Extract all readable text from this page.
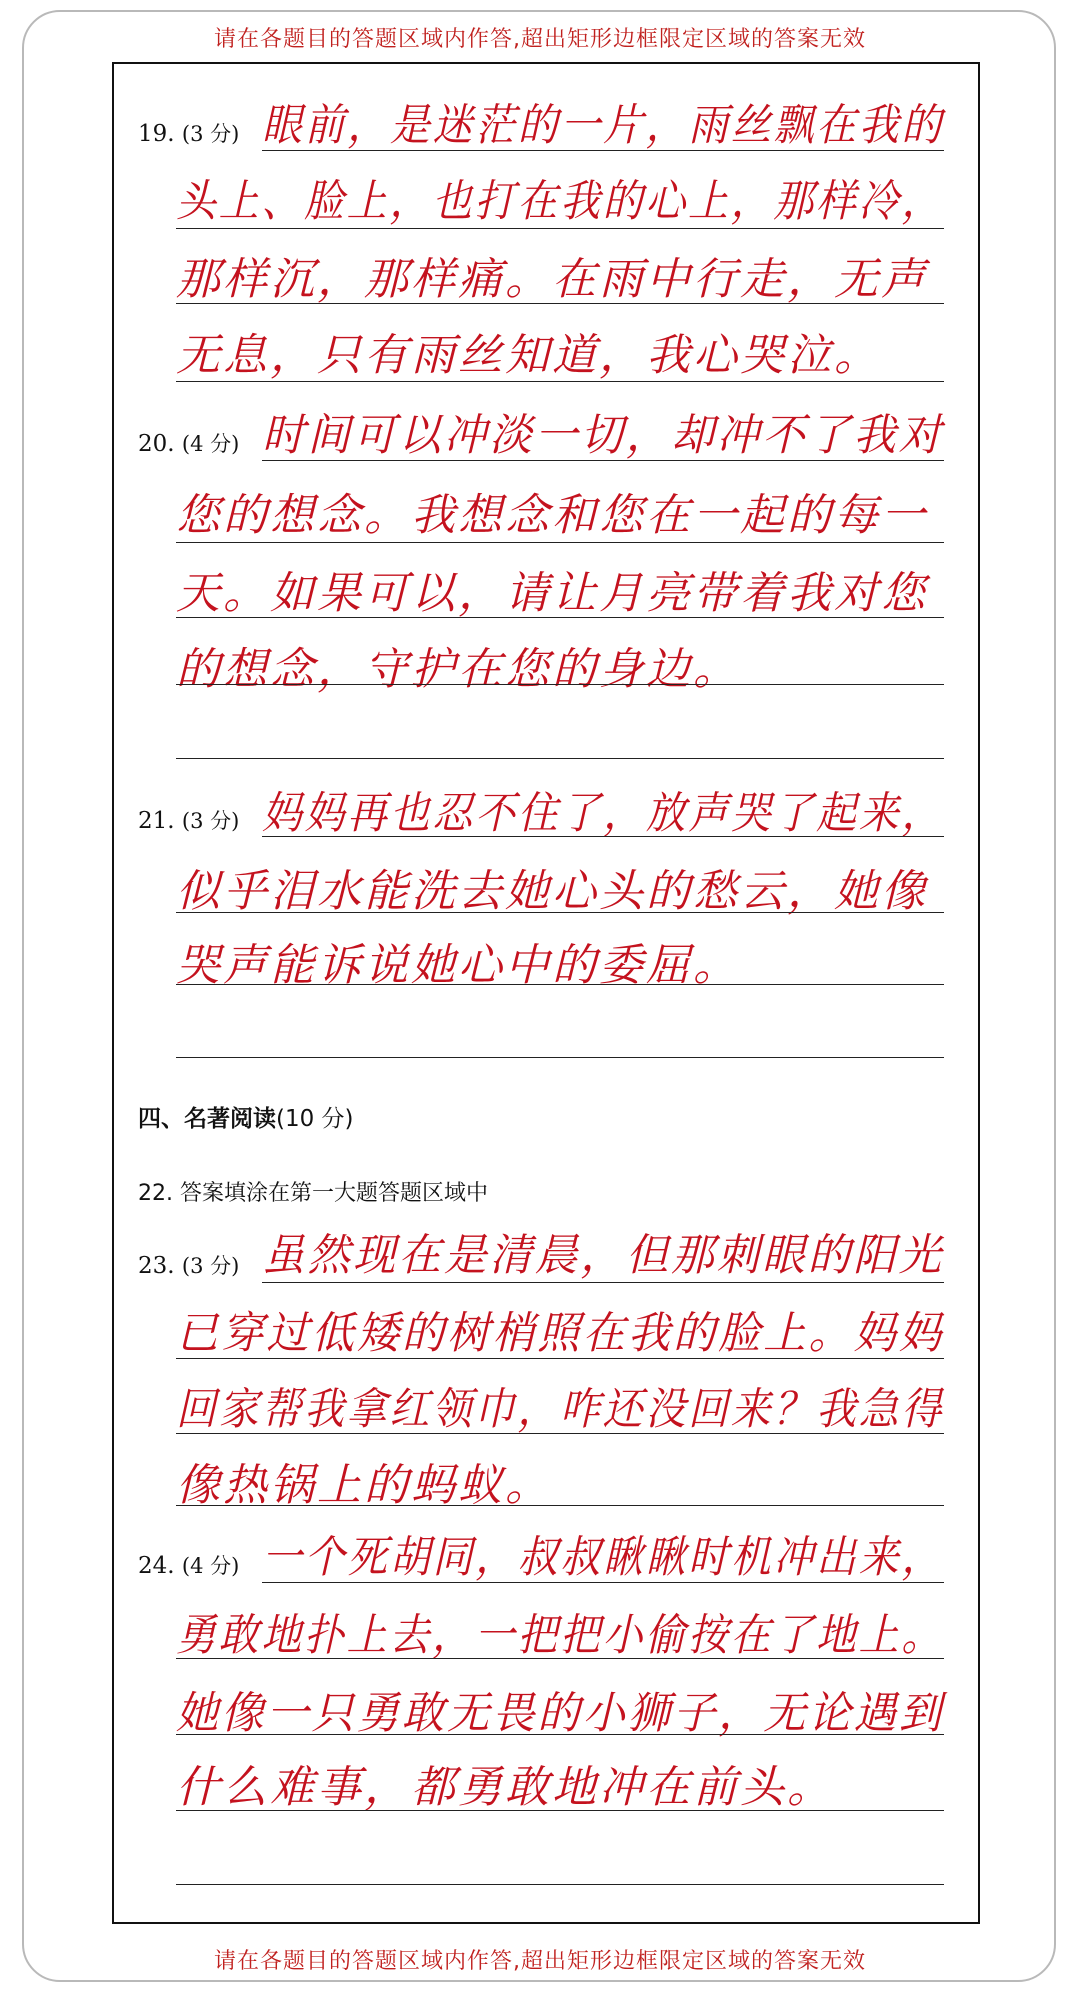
请在各题目的答题区域内作答,超出矩形边框限定区域的答案无效
19. (3 分) 眼前，是迷茫的一片，雨丝飘在我的
头上、脸上，也打在我的心上，那样冷，
那样沉，那样痛。在雨中行走，无声
无息，只有雨丝知道，我心哭泣。
20. (4 分) 时间可以冲淡一切，却冲不了我对
您的想念。我想念和您在一起的每一
天。如果可以，请让月亮带着我对您
的想念，守护在您的身边。
21. (3 分) 妈妈再也忍不住了，放声哭了起来，
似乎泪水能洗去她心头的愁云，她像
哭声能诉说她心中的委屈。
四、名著阅读(10 分)
22. 答案填涂在第一大题答题区域中
23. (3 分) 虽然现在是清晨，但那刺眼的阳光
已穿过低矮的树梢照在我的脸上。妈妈
回家帮我拿红领巾，咋还没回来？我急得
像热锅上的蚂蚁。
24. (4 分) 一个死胡同，叔叔瞅瞅时机冲出来，
勇敢地扑上去，一把把小偷按在了地上。
她像一只勇敢无畏的小狮子，无论遇到
什么难事，都勇敢地冲在前头。
请在各题目的答题区域内作答,超出矩形边框限定区域的答案无效
